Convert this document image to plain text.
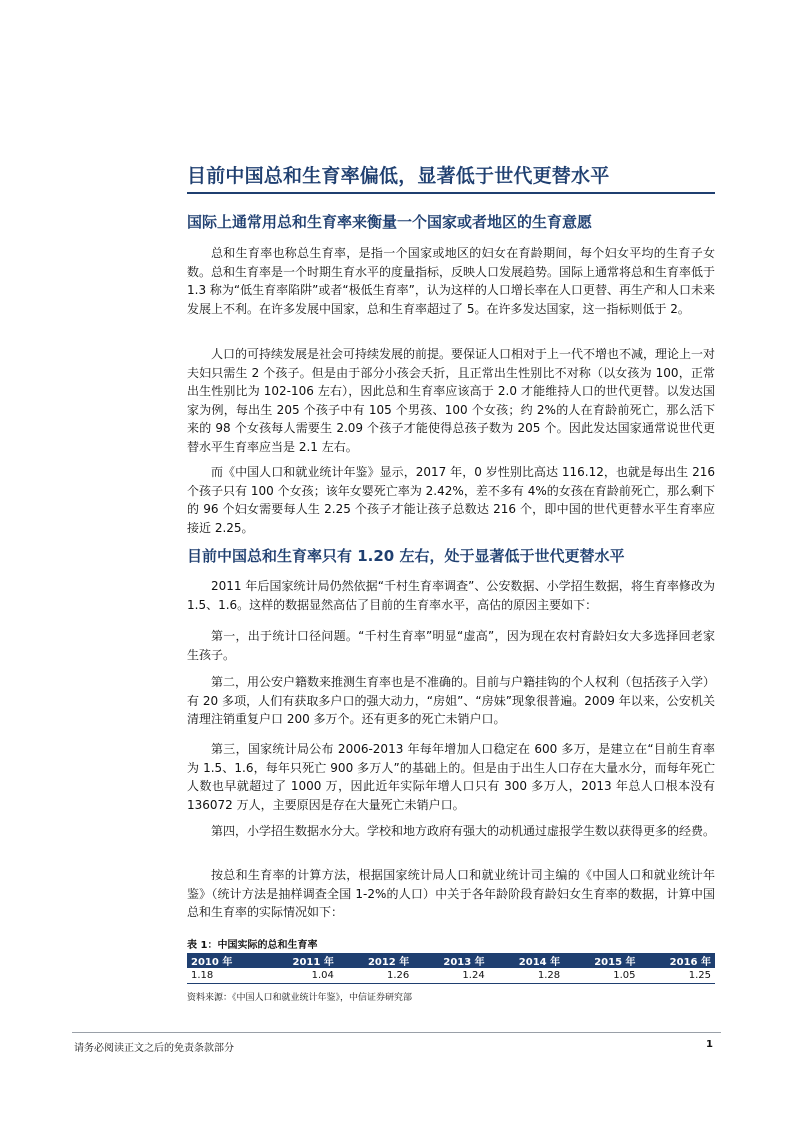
目前中国总和生育率偏低，显著低于世代更替水平
国际上通常用总和生育率来衡量一个国家或者地区的生育意愿

总和生育率也称总生育率，是指一个国家或地区的妇女在育龄期间，每个妇女平均的生育子女数。总和生育率是一个时期生育水平的度量指标，反映人口发展趋势。国际上通常将总和生育率低于 1.3 称为“低生育率陷阱”或者“极低生育率”，认为这样的人口增长率在人口更替、再生产和人口未来发展上不利。在许多发展中国家，总和生育率超过了 5。在许多发达国家，这一指标则低于 2。

人口的可持续发展是社会可持续发展的前提。要保证人口相对于上一代不增也不减，理论上一对夫妇只需生 2 个孩子。但是由于部分小孩会夭折，且正常出生性别比不对称（以女孩为 100，正常出生性别比为 102-106 左右），因此总和生育率应该高于 2.0 才能维持人口的世代更替。以发达国家为例，每出生 205 个孩子中有 105 个男孩、100 个女孩；约 2%的人在育龄前死亡，那么活下来的 98 个女孩每人需要生 2.09 个孩子才能使得总孩子数为 205 个。因此发达国家通常说世代更替水平生育率应当是 2.1 左右。

而《中国人口和就业统计年鉴》显示，2017 年，0 岁性别比高达 116.12，也就是每出生 216 个孩子只有 100 个女孩；该年女婴死亡率为 2.42%，差不多有 4%的女孩在育龄前死亡，那么剩下的 96 个妇女需要每人生 2.25 个孩子才能让孩子总数达 216 个，即中国的世代更替水平生育率应接近 2.25。

目前中国总和生育率只有 1.20 左右，处于显著低于世代更替水平

2011 年后国家统计局仍然依据“千村生育率调查”、公安数据、小学招生数据，将生育率修改为 1.5、1.6。这样的数据显然高估了目前的生育率水平，高估的原因主要如下：

第一，出于统计口径问题。“千村生育率”明显“虚高”，因为现在农村育龄妇女大多选择回老家生孩子。

第二，用公安户籍数来推测生育率也是不准确的。目前与户籍挂钩的个人权利（包括孩子入学）有 20 多项，人们有获取多户口的强大动力，“房姐”、“房妹”现象很普遍。2009 年以来，公安机关清理注销重复户口 200 多万个。还有更多的死亡未销户口。

第三，国家统计局公布 2006-2013 年每年增加人口稳定在 600 多万，是建立在“目前生育率为 1.5、1.6，每年只死亡 900 多万人”的基础上的。但是由于出生人口存在大量水分，而每年死亡人数也早就超过了 1000 万，因此近年实际年增人口只有 300 多万人，2013 年总人口根本没有 136072 万人，主要原因是存在大量死亡未销户口。

第四，小学招生数据水分大。学校和地方政府有强大的动机通过虚报学生数以获得更多的经费。

按总和生育率的计算方法，根据国家统计局人口和就业统计司主编的《中国人口和就业统计年鉴》（统计方法是抽样调查全国 1-2%的人口）中关于各年龄阶段育龄妇女生育率的数据，计算中国总和生育率的实际情况如下：

表 1：中国实际的总和生育率
2010 年	2011 年	2012 年	2013 年	2014 年	2015 年	2016 年
1.18	1.04	1.26	1.24	1.28	1.05	1.25
资料来源：《中国人口和就业统计年鉴》，中信证券研究部
请务必阅读正文之后的免责条款部分	1
